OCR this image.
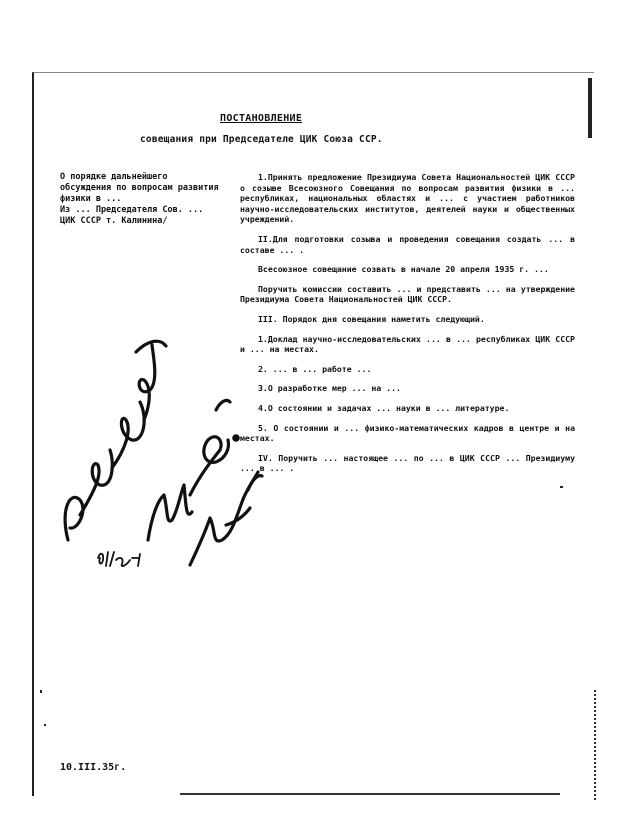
ПОСТАНОВЛЕНИЕ
совещания при Председателе ЦИК Союза ССР.
О порядке дальнейшего обсуждения по вопросам развития физики в ...
Из ... Председателя Сов. ...
ЦИК СССР т. Калинина/

1.Принять предложение Президиума Совета Национальностей ЦИК СССР о созыве Всесоюзного Совещания по вопросам развития физики в ... республиках, национальных областях и ... с участием работников научно-исследовательских институтов, деятелей науки и общественных учреждений.

II.Для подготовки созыва и проведения совещания создать ... в составе ... .

Всесоюзное совещание созвать в начале 20 апреля 1935 г. ...

Поручить комиссии составить ... и представить ... на утверждение Президиума Совета Национальностей ЦИК СССР.

III. Порядок дня совещания наметить следующий.

1.Доклад научно-исследовательских ... в ... республиках ЦИК СССР и ... на местах.

2. ... в ... работе ...

3.О разработке мер ... на ...

4.О состоянии и задачах ... науки в ... литературе.

5. О состоянии и ... физико-математических кадров в центре и на местах.

IV. Поручить ... настоящее ... по ... в ЦИК СССР ... Президиуму ... в ... .

10.III.35г.
